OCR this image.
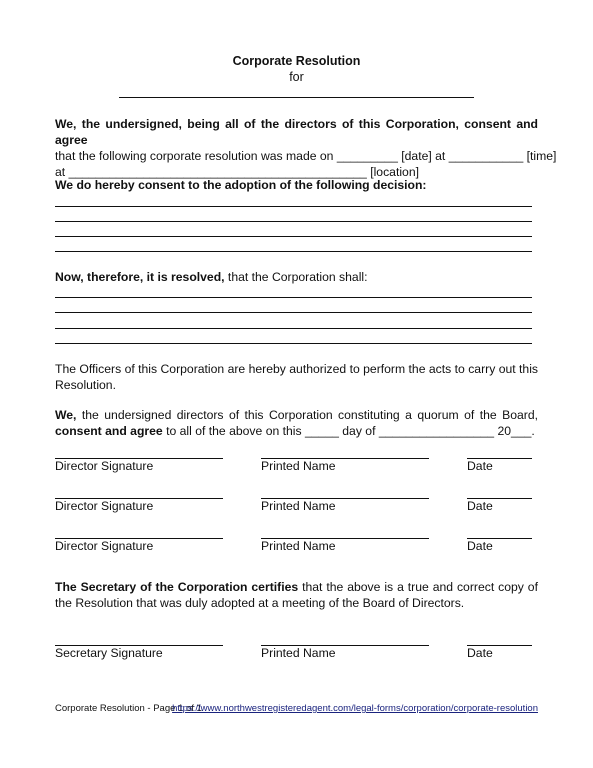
Corporate Resolution
for
We, the undersigned, being all of the directors of this Corporation, consent and agree
that the following corporate resolution was made on _________ [date] at ___________ [time]
at ____________________________________________ [location]
We do hereby consent to the adoption of the following decision:
Now, therefore, it is resolved, that the Corporation shall:
The Officers of this Corporation are hereby authorized to perform the acts to carry out this Resolution.
We, the undersigned directors of this Corporation constituting a quorum of the Board, consent and agree to all of the above on this _____ day of _________________ 20___.
Director Signature	Printed Name	Date
Director Signature	Printed Name	Date
Director Signature	Printed Name	Date
The Secretary of the Corporation certifies that the above is a true and correct copy of the Resolution that was duly adopted at a meeting of the Board of Directors.
Secretary Signature	Printed Name	Date
Corporate Resolution - Page 1 of 1
https://www.northwestregisteredagent.com/legal-forms/corporation/corporate-resolution
